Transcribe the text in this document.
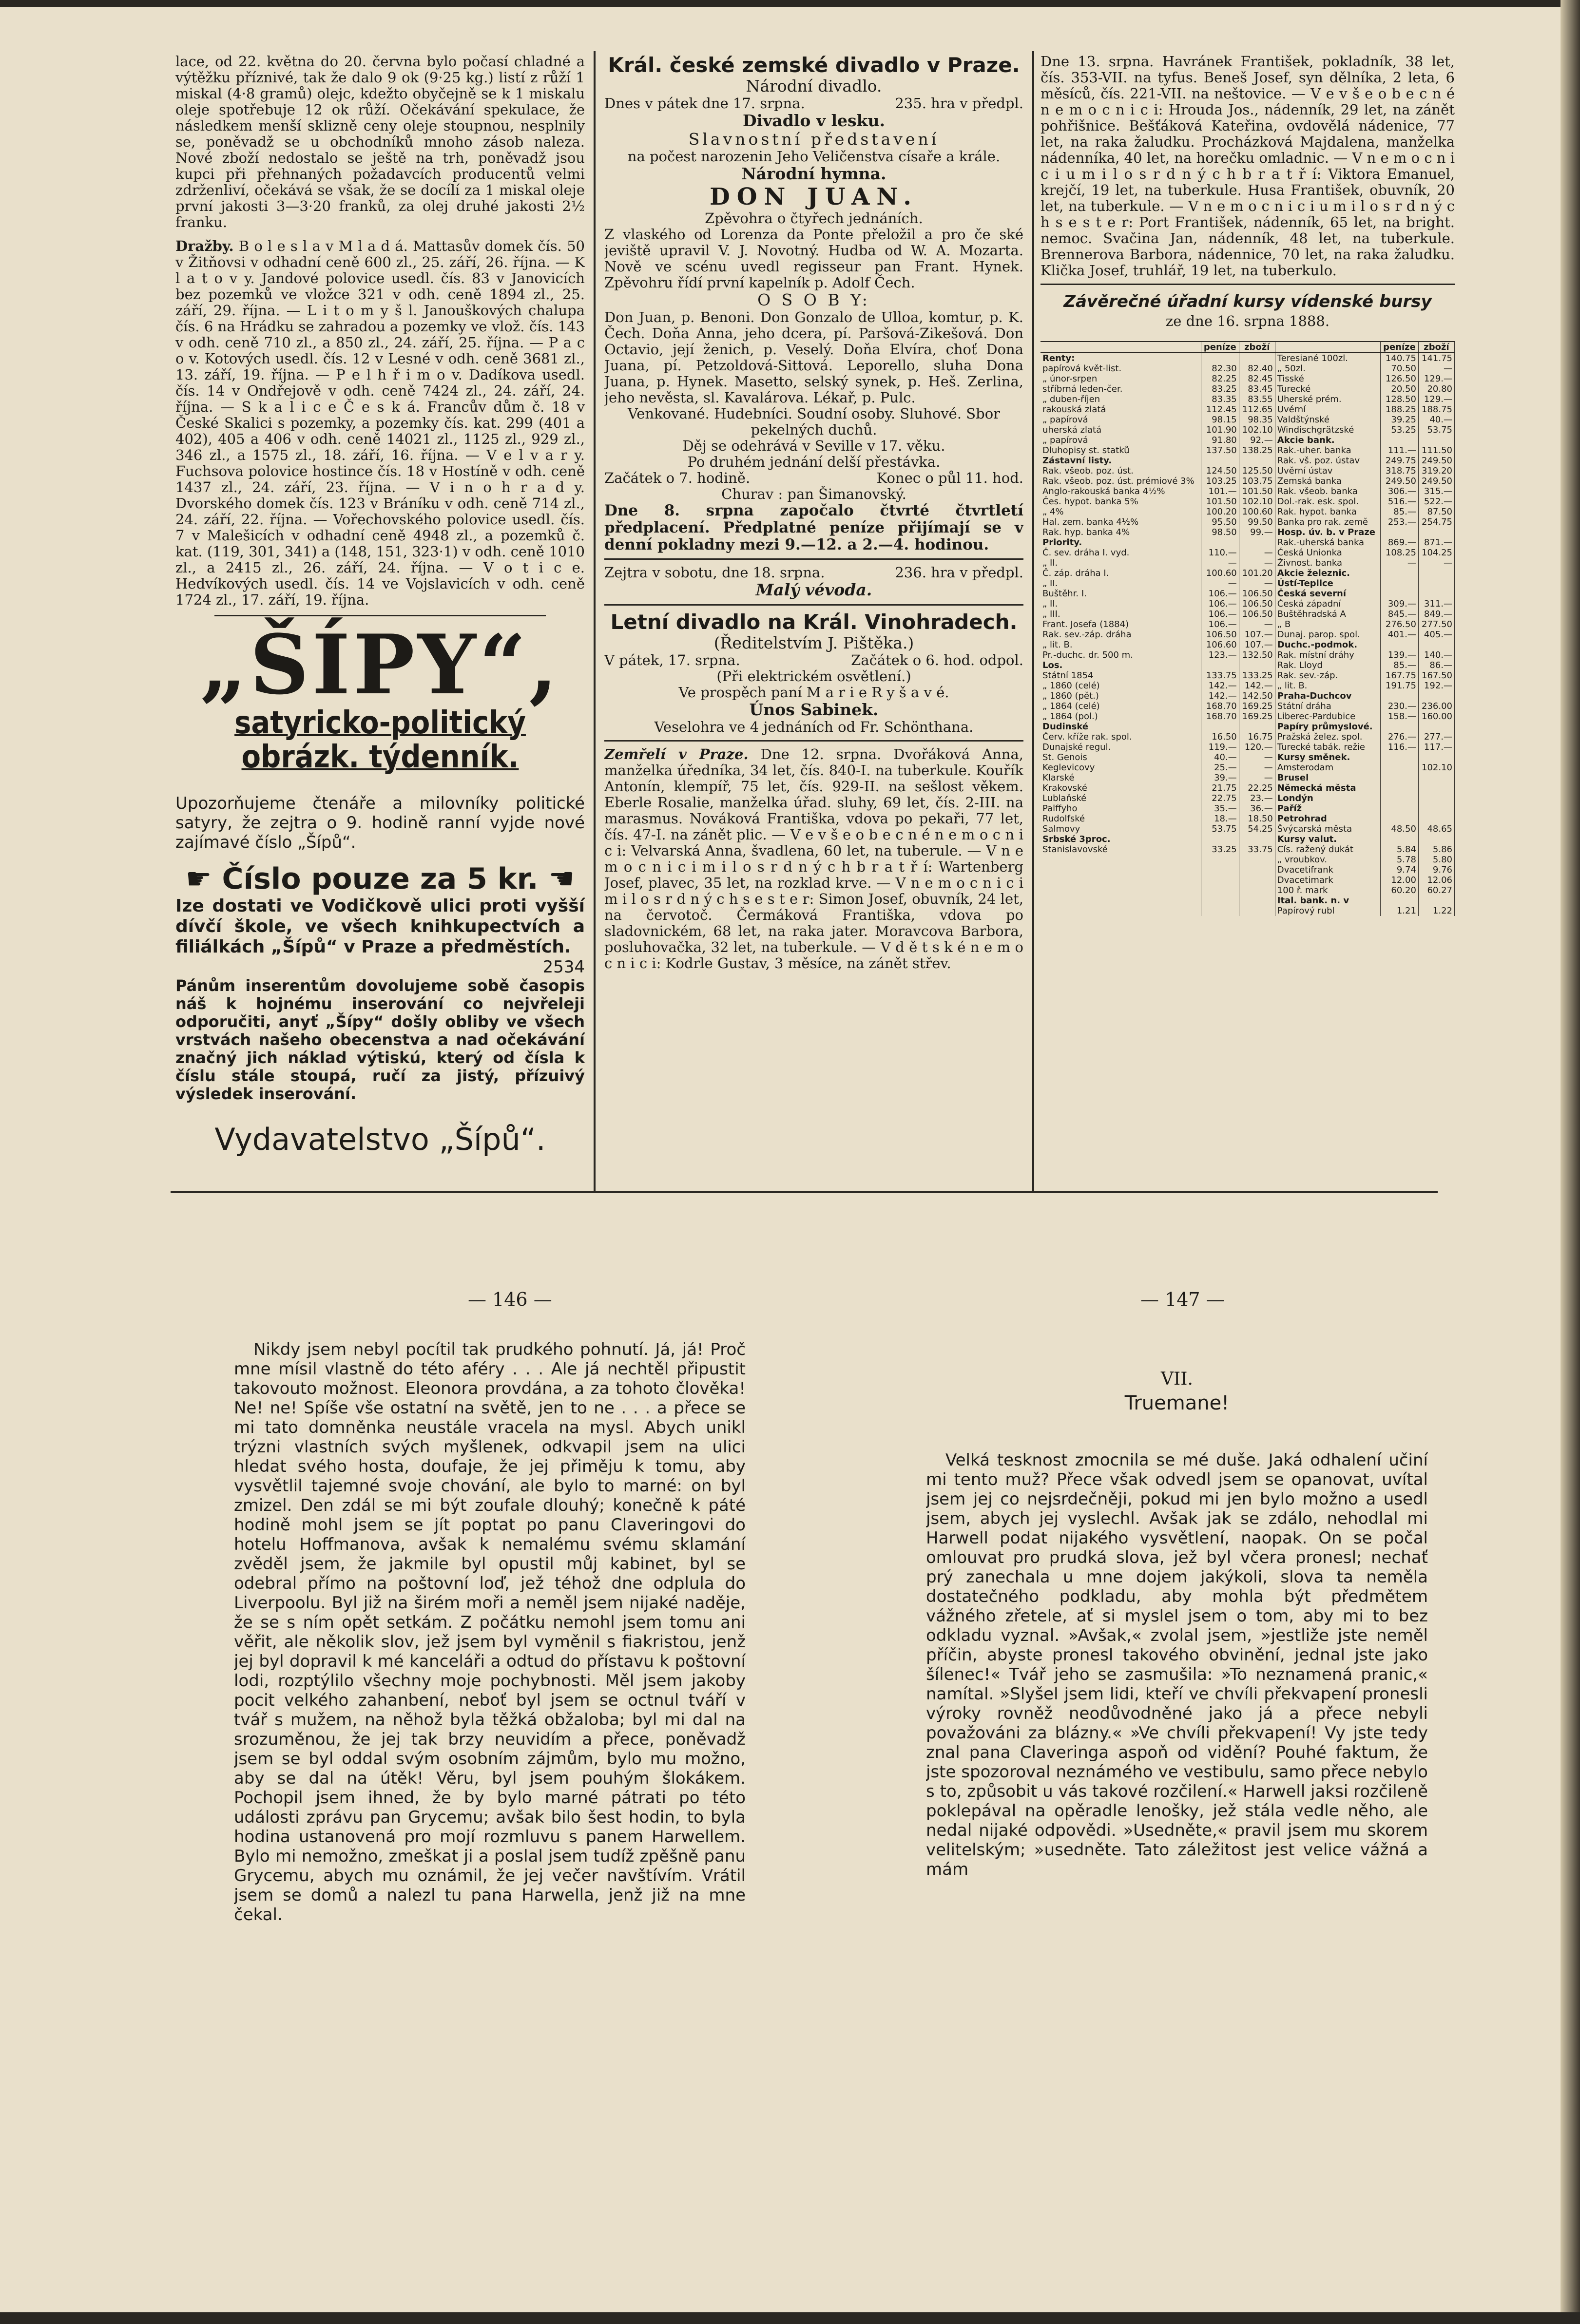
lace, od 22. května do 20. června bylo počasí chladné a výtěžku příznivé, tak že dalo 9 ok (9·25 kg.) listí z růží 1 miskal (4·8 gramů) olejc, kdežto obyčejně se k 1 miskalu oleje spotřebuje 12 ok růží. Očekávání spekulace, že následkem menší sklizně ceny oleje stoupnou, nesplnily se, poněvadž se u obchodníků mnoho zásob naleza. Nové zboží nedostalo se ještě na trh, poněvadž jsou kupci při přehnaných požadavcích producentů velmi zdrženliví, očekává se však, že se docílí za 1 miskal oleje první jakosti 3—3·20 franků, za olej druhé jakosti 2½ franku.

Dražby. B o l e s l a v M l a d á. Mattasův domek čís. 50 v Žitňovsi v odhadní ceně 600 zl., 25. září, 26. října. — K l a t o v y. Jandové polovice usedl. čís. 83 v Janovicích bez pozemků ve vložce 321 v odh. ceně 1894 zl., 25. září, 29. října. — L i t o m y š l. Janouškových chalupa čís. 6 na Hrádku se zahradou a pozemky ve vlož. čís. 143 v odh. ceně 710 zl., a 850 zl., 24. září, 25. října. — P a c o v. Kotových usedl. čís. 12 v Lesné v odh. ceně 3681 zl., 13. září, 19. října. — P e l h ř i m o v. Dadíkova usedl. čís. 14 v Ondřejově v odh. ceně 7424 zl., 24. září, 24. října. — S k a l i c e Č e s k á. Francův dům č. 18 v České Skalici s pozemky, a pozemky čís. kat. 299 (401 a 402), 405 a 406 v odh. ceně 14021 zl., 1125 zl., 929 zl., 346 zl., a 1575 zl., 18. září, 16. října. — V e l v a r y. Fuchsova polovice hostince čís. 18 v Hostíně v odh. ceně 1437 zl., 24. září, 23. října. — V i n o h r a d y. Dvorského domek čís. 123 v Bráníku v odh. ceně 714 zl., 24. září, 22. října. — Vořechovského polovice usedl. čís. 7 v Malešicích v odhadní ceně 4948 zl., a pozemků č. kat. (119, 301, 341) a (148, 151, 323·1) v odh. ceně 1010 zl., a 2415 zl., 26. září, 24. října. — V o t i c e. Hedvíkových usedl. čís. 14 ve Vojslavicích v odh. ceně 1724 zl., 17. září, 19. října.

„ŠÍPY“,

satyricko-politický obrázk. týdenník.

Upozorňujeme čtenáře a milovníky politické satyry, že zejtra o 9. hodině ranní vyjde nové zajímavé číslo „Šípů“.

☛ Číslo pouze za 5 kr. ☚

Ize dostati ve Vodičkově ulici proti vyšší dívčí škole, ve všech knihkupectvích a filiálkách „Šípů“ v Praze a předměstích.

2534

Pánům inserentům dovolujeme sobě časopis náš k hojnému inserování co nejvřeleji odporučiti, anyť „Šípy“ došly obliby ve všech vrstvách našeho obecenstva a nad očekávání značný jich náklad výtiskú, který od čísla k číslu stále stoupá, ručí za jistý, přízuivý výsledek inserování.

Vydavatelstvo „Šípů“.

Král. české zemské divadlo v Praze.

Národní divadlo.

Dnes v pátek dne 17. srpna.	235. hra v předpl.

Divadlo v lesku.

Slavnostní představení

na počest narozenin Jeho Veličenstva císaře a krále.

Národní hymna.

DON JUAN.

Zpěvohra o čtyřech jednáních.

Z vlaského od Lorenza da Ponte přeložil a pro če ské jeviště upravil V. J. Novotný. Hudba od W. A. Mozarta. Nově ve scénu uvedl regisseur pan Frant. Hynek. Zpěvohru řídí první kapelník p. Adolf Čech.

O S O B Y:

Don Juan, p. Benoni. Don Gonzalo de Ulloa, komtur, p. K. Čech. Doňa Anna, jeho dcera, pí. Paršová-Zikešová. Don Octavio, její ženich, p. Veselý. Doňa Elvíra, choť Dona Juana, pí. Petzoldová-Sittová. Leporello, sluha Dona Juana, p. Hynek. Masetto, selský synek, p. Heš. Zerlina, jeho nevěsta, sl. Kavalárova. Lékař, p. Pulc.

Venkované. Hudebníci. Soudní osoby. Sluhové. Sbor pekelných duchů.

Děj se odehrává v Seville v 17. věku.

Po druhém jednání delší přestávka.

Začátek o 7. hodině.	Konec o půl 11. hod.

Churav : pan Šimanovský.

Dne 8. srpna započalo čtvrté čtvrtletí předplacení. Předplatné peníze přijímají se v denní pokladny mezi 9.—12. a 2.—4. hodinou.

Zejtra v sobotu, dne 18. srpna.	236. hra v předpl.

Malý vévoda.

Letní divadlo na Král. Vinohradech.

(Ředitelstvím J. Pištěka.)

V pátek, 17. srpna.	Začátek o 6. hod. odpol.

(Při elektrickém osvětlení.)

Ve prospěch paní M a r i e R y š a v é.

Únos Sabinek.

Veselohra ve 4 jednáních od Fr. Schönthana.

Zemřelí v Praze. Dne 12. srpna. Dvořáková Anna, manželka úředníka, 34 let, čís. 840-I. na tuberkule. Kouřík Antonín, klempíř, 75 let, čís. 929-II. na sešlost věkem. Eberle Rosalie, manželka úřad. sluhy, 69 let, čís. 2-III. na marasmus. Nováková Františka, vdova po pekaři, 77 let, čís. 47-I. na zánět plic. — V e v š e o b e c n é n e m o c n i c i: Velvarská Anna, švadlena, 60 let, na tuberule. — V n e m o c n i c i m i l o s r d n ý c h b r a t ř í: Wartenberg Josef, plavec, 35 let, na rozklad krve. — V n e m o c n i c i m i l o s r d n ý c h s e s t e r: Simon Josef, obuvník, 24 let, na červotoč. Čermáková Františka, vdova po sladovnickém, 68 let, na raka jater. Moravcova Barbora, posluhovačka, 32 let, na tuberkule. — V d ě t s k é n e m o c n i c i: Kodrle Gustav, 3 měsíce, na zánět střev.

Dne 13. srpna. Havránek František, pokladník, 38 let, čís. 353-VII. na tyfus. Beneš Josef, syn dělníka, 2 leta, 6 měsíců, čís. 221-VII. na neštovice. — V e v š e o b e c n é n e m o c n i c i: Hrouda Jos., nádenník, 29 let, na zánět pohřišnice. Bešťáková Kateřina, ovdovělá nádenice, 77 let, na raka žaludku. Procházková Majdalena, manželka nádenníka, 40 let, na horečku omladnic. — V n e m o c n i c i u m i l o s r d n ý c h b r a t ř í: Viktora Emanuel, krejčí, 19 let, na tuberkule. Husa František, obuvník, 20 let, na tuberkule. — V n e m o c n i c i u m i l o s r d n ý c h s e s t e r: Port František, nádenník, 65 let, na bright. nemoc. Svačina Jan, nádenník, 48 let, na tuberkule. Brennerova Barbora, nádennice, 70 let, na raka žaludku. Klička Josef, truhlář, 19 let, na tuberkulo.

Závěrečné úřadní kursy vídenské bursy

ze dne 16. srpna 1888.

	peníze	zboží		peníze	zboží
Renty:			Teresiané 100zl.	140.75	141.75
papírová květ-list.	82.30	82.40	„ 50zl.	70.50	—
„ únor-srpen	82.25	82.45	Tisské	126.50	129.—
stříbrná leden-čer.	83.25	83.45	Turecké	20.50	20.80
„ duben-říjen	83.35	83.55	Uherské prém.	128.50	129.—
rakouská zlatá	112.45	112.65	Uvérní	188.25	188.75
„ papírová	98.15	98.35	Valdštýnské	39.25	40.—
uherská zlatá	101.90	102.10	Windischgrätzské	53.25	53.75
„ papírová	91.80	92.—	Akcie bank.		
Dluhopisy st. statků	137.50	138.25	Rak.-uher. banka	111.—	111.50
Zástavní listy.			Rak. vš. poz. ústav	249.75	249.50
Rak. všeob. poz. úst.	124.50	125.50	Uvěrní ústav	318.75	319.20
Rak. všeob. poz. úst. prémiové 3%	103.25	103.75	Zemská banka	249.50	249.50
Anglo-rakouská banka 4½%	101.—	101.50	Rak. všeob. banka	306.—	315.—
Čes. hypot. banka 5%	101.50	102.10	Dol.-rak. esk. spol.	516.—	522.—
„ 4%	100.20	100.60	Rak. hypot. banka	85.—	87.50
Hal. zem. banka 4½%	95.50	99.50	Banka pro rak. země	253.—	254.75
Rak. hyp. banka 4%	98.50	99.—	Hosp. úv. b. v Praze		
Priority.			Rak.-uherská banka	869.—	871.—
Č. sev. dráha I. vyd.	110.—	—	Česká Unionka	108.25	104.25
„ II.	—	—	Živnost. banka	—	—
Č. záp. dráha I.	100.60	101.20	Akcie železnic.		
„ II.	—	—	Ústí-Teplice		
Buštěhr. I.	106.—	106.50	Česká severní		
„ II.	106.—	106.50	Česká západní	309.—	311.—
„ III.	106.—	106.50	Buštěhradská A	845.—	849.—
Frant. Josefa (1884)	106.—	—	„ B	276.50	277.50
Rak. sev.-záp. dráha	106.50	107.—	Dunaj. parop. spol.	401.—	405.—
„ lit. B.	106.60	107.—	Duchc.-podmok.		
Pr.-duchc. dr. 500 m.	123.—	132.50	Rak. místní dráhy	139.—	140.—
Los.			Rak. Lloyd	85.—	86.—
Státní 1854	133.75	133.25	Rak. sev.-záp.	167.75	167.50
„ 1860 (celé)	142.—	142.—	„ lit. B.	191.75	192.—
„ 1860 (pět.)	142.—	142.50	Praha-Duchcov		
„ 1864 (celé)	168.70	169.25	Státní dráha	230.—	236.00
„ 1864 (pol.)	168.70	169.25	Liberec-Pardubice	158.—	160.00
Dudinské			Papíry průmyslové.		
Červ. kříže rak. spol.	16.50	16.75	Pražská želez. spol.	276.—	277.—
Dunajské regul.	119.—	120.—	Turecké tabák. režie	116.—	117.—
St. Genois	40.—	—	Kursy směnek.		
Keglevicovy	25.—	—	Amsterodam		102.10
Klarské	39.—	—	Brusel		
Krakovské	21.75	22.25	Německá města		
Lublaňské	22.75	23.—	Londýn		
Palffyho	35.—	36.—	Paříž		
Rudolfské	18.—	18.50	Petrohrad		
Salmovy	53.75	54.25	Švýcarská města	48.50	48.65
Srbské 3proc.			Kursy valut.		
Stanislavovské	33.25	33.75	Cís. ražený dukát	5.84	5.86
			„ vroubkov.	5.78	5.80
			Dvacetifrank	9.74	9.76
			Dvacetimark	12.00	12.06
			100 ř. mark	60.20	60.27
			Ital. bank. n. v		
			Papírový rubl	1.21	1.22
— 146 —	— 147 —

Nikdy jsem nebyl pocítil tak prudkého pohnutí. Já, já! Proč mne mísil vlastně do této aféry . . . Ale já nechtěl připustit takovouto možnost. Eleonora provdána, a za tohoto člověka! Ne! ne! Spíše vše ostatní na světě, jen to ne . . . a přece se mi tato domněnka neustále vracela na mysl. Abych unikl trýzni vlastních svých myšlenek, odkvapil jsem na ulici hledat svého hosta, doufaje, že jej přiměju k tomu, aby vysvětlil tajemné svoje chování, ale bylo to marné: on byl zmizel. Den zdál se mi být zoufale dlouhý; konečně k páté hodině mohl jsem se jít poptat po panu Claveringovi do hotelu Hoffmanova, avšak k nemalému svému sklamání zvěděl jsem, že jakmile byl opustil můj kabinet, byl se odebral přímo na poštovní loď, jež téhož dne odplula do Liverpoolu. Byl již na širém moři a neměl jsem nijaké naděje, že se s ním opět setkám. Z počátku nemohl jsem tomu ani věřit, ale několik slov, jež jsem byl vyměnil s fiakristou, jenž jej byl dopravil k mé kanceláři a odtud do přístavu k poštovní lodi, rozptýlilo všechny moje pochybnosti. Měl jsem jakoby pocit velkého zahanbení, neboť byl jsem se octnul tváří v tvář s mužem, na něhož byla těžká obžaloba; byl mi dal na srozuměnou, že jej tak brzy neuvidím a přece, poněvadž jsem se byl oddal svým osobním zájmům, bylo mu možno, aby se dal na útěk! Věru, byl jsem pouhým šlokákem. Pochopil jsem ihned, že by bylo marné pátrati po této události zprávu pan Grycemu; avšak bilo šest hodin, to byla hodina ustanovená pro mojí rozmluvu s panem Harwellem. Bylo mi nemožno, zmeškat ji a poslal jsem tudíž zpěšně panu Grycemu, abych mu oznámil, že jej večer navštívím. Vrátil jsem se domů a nalezl tu pana Harwella, jenž již na mne čekal.

VII.

Truemane!

Velká tesknost zmocnila se mé duše. Jaká odhalení učiní mi tento muž? Přece však odvedl jsem se opanovat, uvítal jsem jej co nejsrdečněji, pokud mi jen bylo možno a usedl jsem, abych jej vyslechl. Avšak jak se zdálo, nehodlal mi Harwell podat nijakého vysvětlení, naopak. On se počal omlouvat pro prudká slova, jež byl včera pronesl; nechať prý zanechala u mne dojem jakýkoli, slova ta neměla dostatečného podkladu, aby mohla být předmětem vážného zřetele, ať si myslel jsem o tom, aby mi to bez odkladu vyznal. »Avšak,« zvolal jsem, »jestliže jste neměl příčin, abyste pronesl takového obvinění, jednal jste jako šílenec!« Tvář jeho se zasmušila: »To neznamená pranic,« namítal. »Slyšel jsem lidi, kteří ve chvíli překvapení pronesli výroky rovněž neodůvodněné jako já a přece nebyli považováni za blázny.« »Ve chvíli překvapení! Vy jste tedy znal pana Claveringa aspoň od vidění? Pouhé faktum, že jste spozoroval neznámého ve vestibulu, samo přece nebylo s to, způsobit u vás takové rozčilení.« Harwell jaksi rozčileně poklepával na opěradle lenošky, jež stála vedle něho, ale nedal nijaké odpovědi. »Usedněte,« pravil jsem mu skorem velitelským; »usedněte. Tato záležitost jest velice vážná a mám
